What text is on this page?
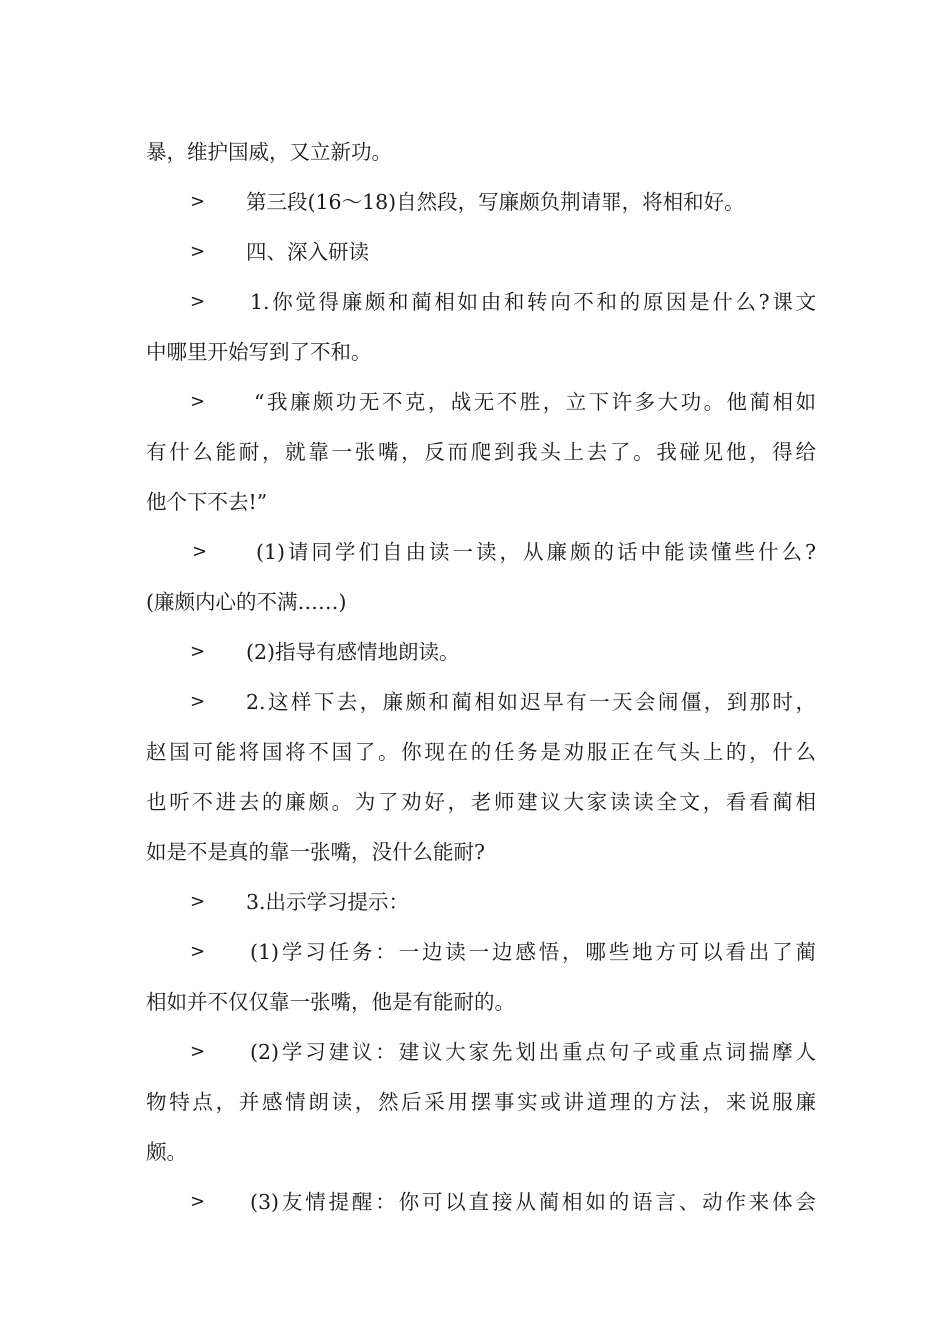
暴，维护国威，又立新功。
> 第三段(16～18)自然段，写廉颇负荆请罪，将相和好。
> 四、深入研读
> 1.你觉得廉颇和蔺相如由和转向不和的原因是什么?课文
中哪里开始写到了不和。
> “我廉颇功无不克，战无不胜，立下许多大功。他蔺相如
有什么能耐，就靠一张嘴，反而爬到我头上去了。我碰见他，得给
他个下不去!”
> (1)请同学们自由读一读，从廉颇的话中能读懂些什么?
(廉颇内心的不满……)
> (2)指导有感情地朗读。
> 2.这样下去，廉颇和蔺相如迟早有一天会闹僵，到那时，
赵国可能将国将不国了。你现在的任务是劝服正在气头上的，什么
也听不进去的廉颇。为了劝好，老师建议大家读读全文，看看蔺相
如是不是真的靠一张嘴，没什么能耐?
> 3.出示学习提示：
> (1)学习任务：一边读一边感悟，哪些地方可以看出了蔺
相如并不仅仅靠一张嘴，他是有能耐的。
> (2)学习建议：建议大家先划出重点句子或重点词揣摩人
物特点，并感情朗读，然后采用摆事实或讲道理的方法，来说服廉
颇。
> (3)友情提醒：你可以直接从蔺相如的语言、动作来体会
